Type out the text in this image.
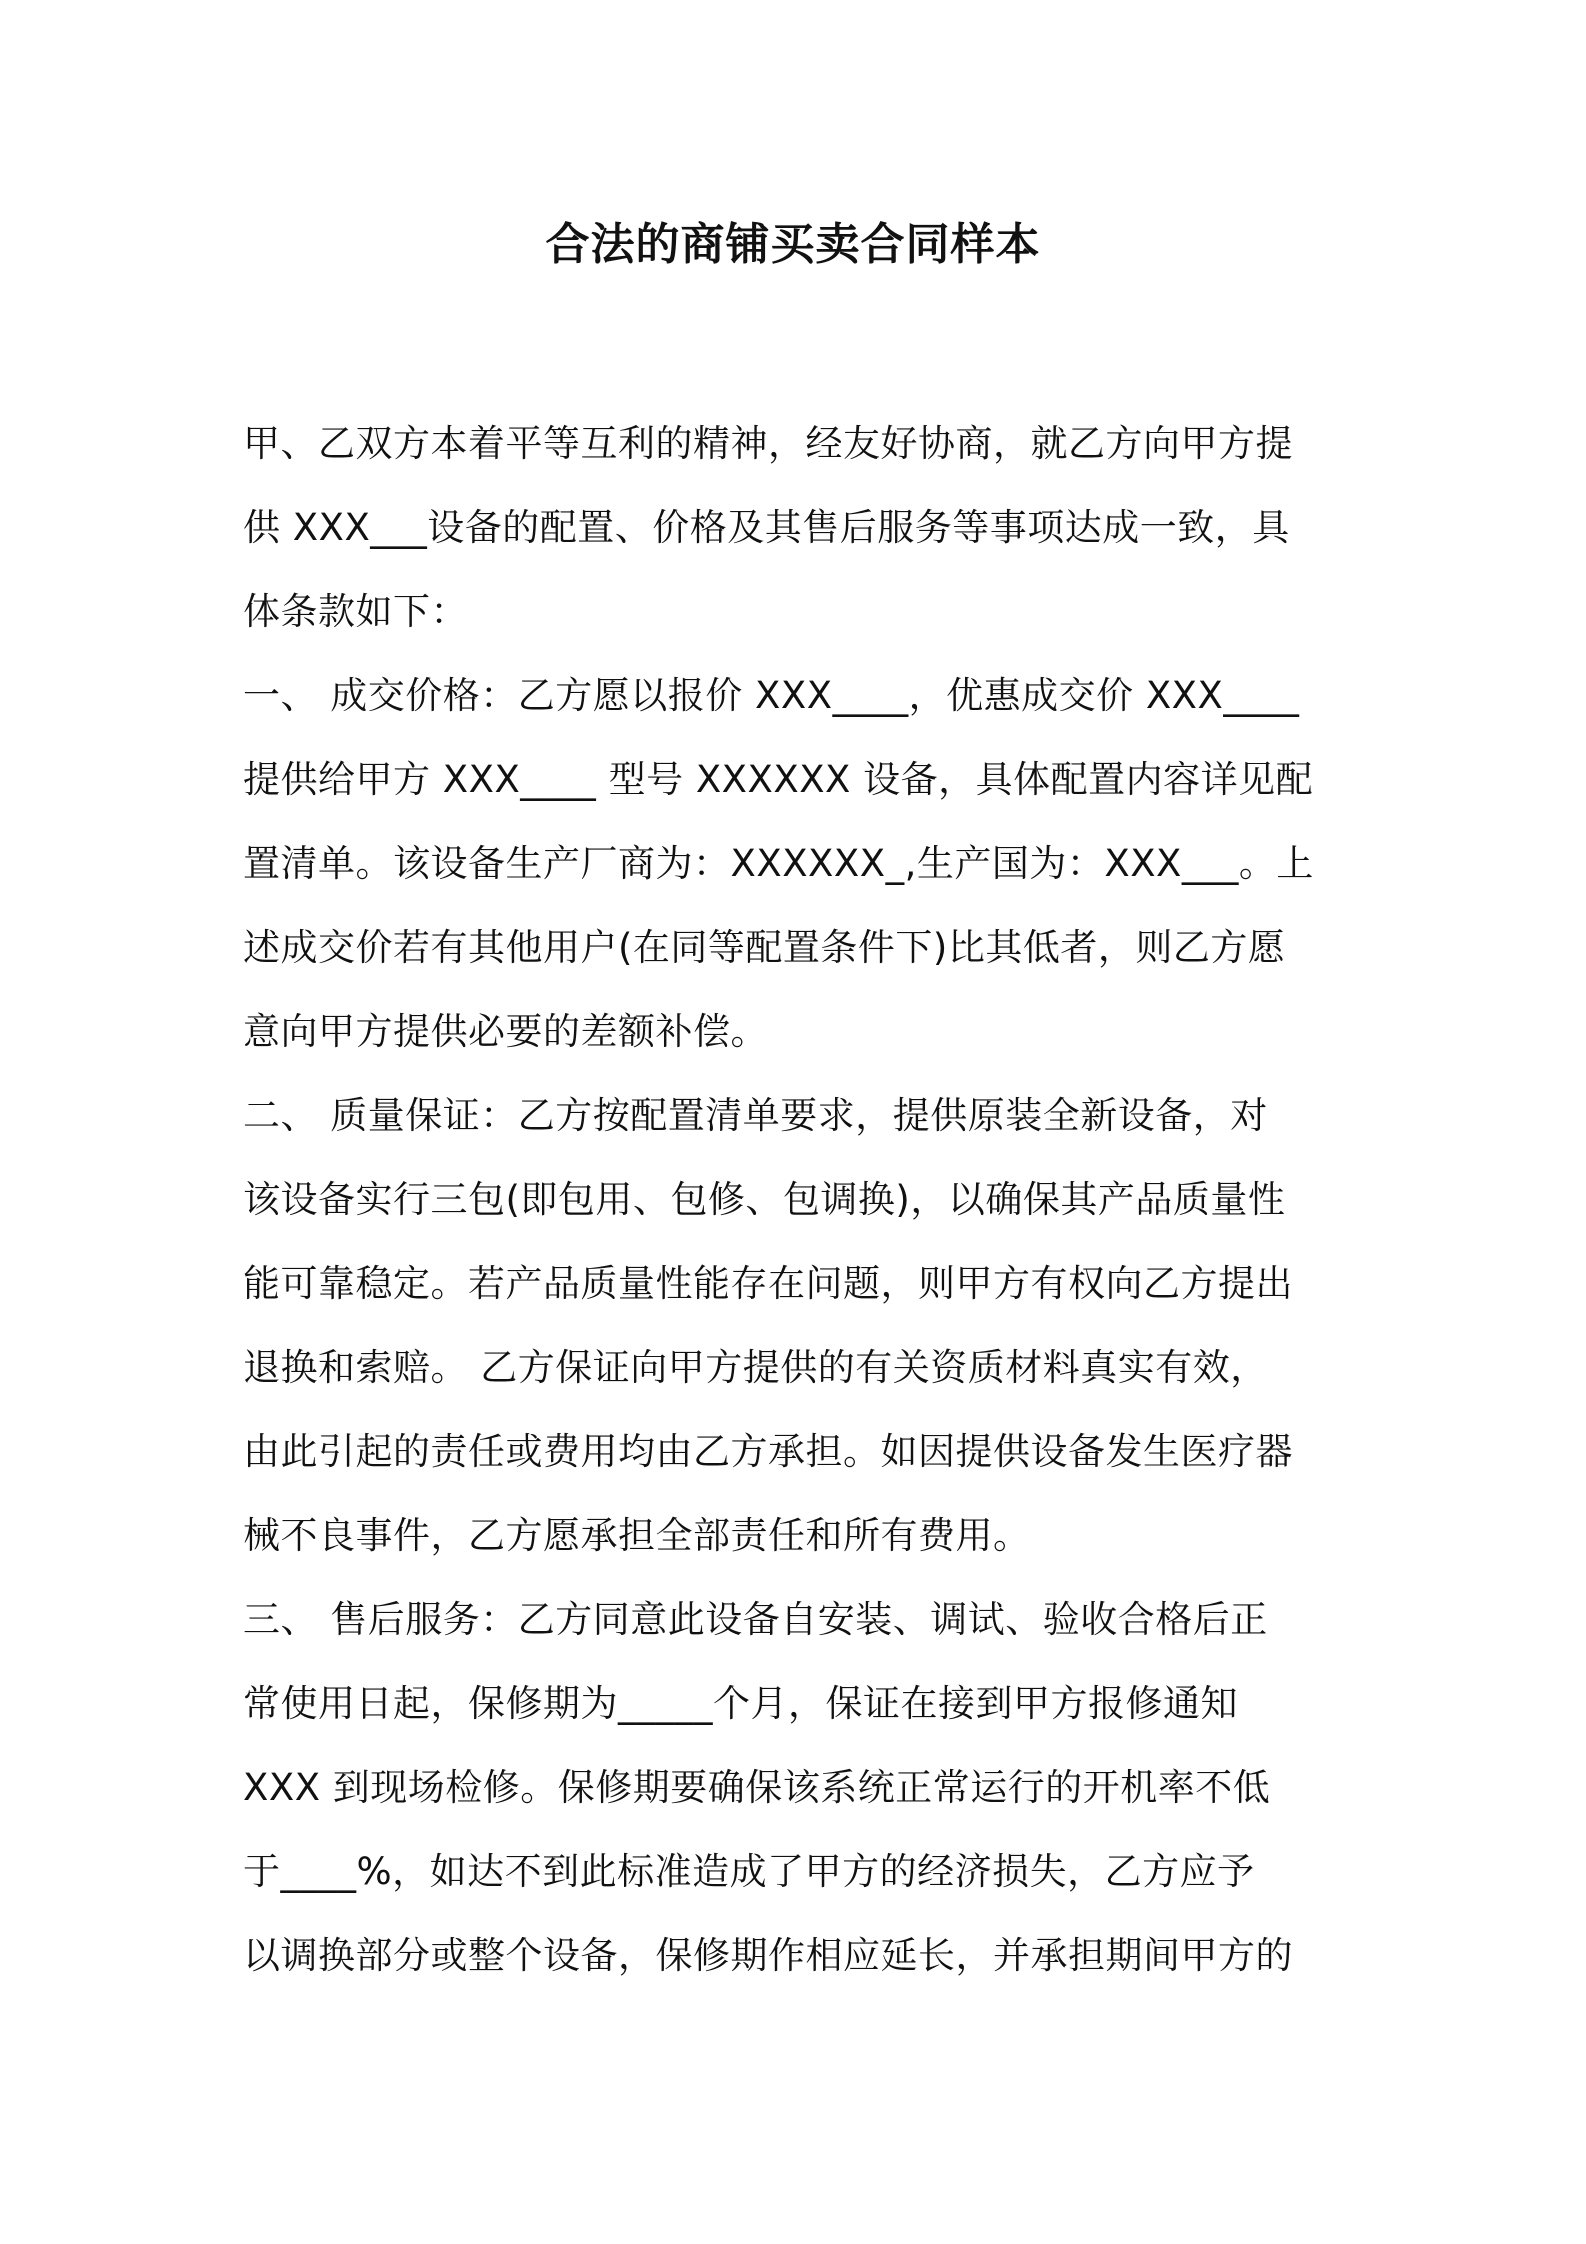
合法的商铺买卖合同样本
甲、乙双方本着平等互利的精神，经友好协商，就乙方向甲方提
供 XXX___设备的配置、价格及其售后服务等事项达成一致，具
体条款如下：
一、 成交价格：乙方愿以报价 XXX____，优惠成交价 XXX____
提供给甲方 XXX____ 型号 XXXXXX 设备，具体配置内容详见配
置清单。该设备生产厂商为：XXXXXX_,生产国为：XXX___。上
述成交价若有其他用户(在同等配置条件下)比其低者，则乙方愿
意向甲方提供必要的差额补偿。
二、 质量保证：乙方按配置清单要求，提供原装全新设备，对
该设备实行三包(即包用、包修、包调换)，以确保其产品质量性
能可靠稳定。若产品质量性能存在问题，则甲方有权向乙方提出
退换和索赔。 乙方保证向甲方提供的有关资质材料真实有效，
由此引起的责任或费用均由乙方承担。如因提供设备发生医疗器
械不良事件，乙方愿承担全部责任和所有费用。
三、 售后服务：乙方同意此设备自安装、调试、验收合格后正
常使用日起，保修期为_____个月，保证在接到甲方报修通知
XXX 到现场检修。保修期要确保该系统正常运行的开机率不低
于____%，如达不到此标准造成了甲方的经济损失，乙方应予
以调换部分或整个设备，保修期作相应延长，并承担期间甲方的
